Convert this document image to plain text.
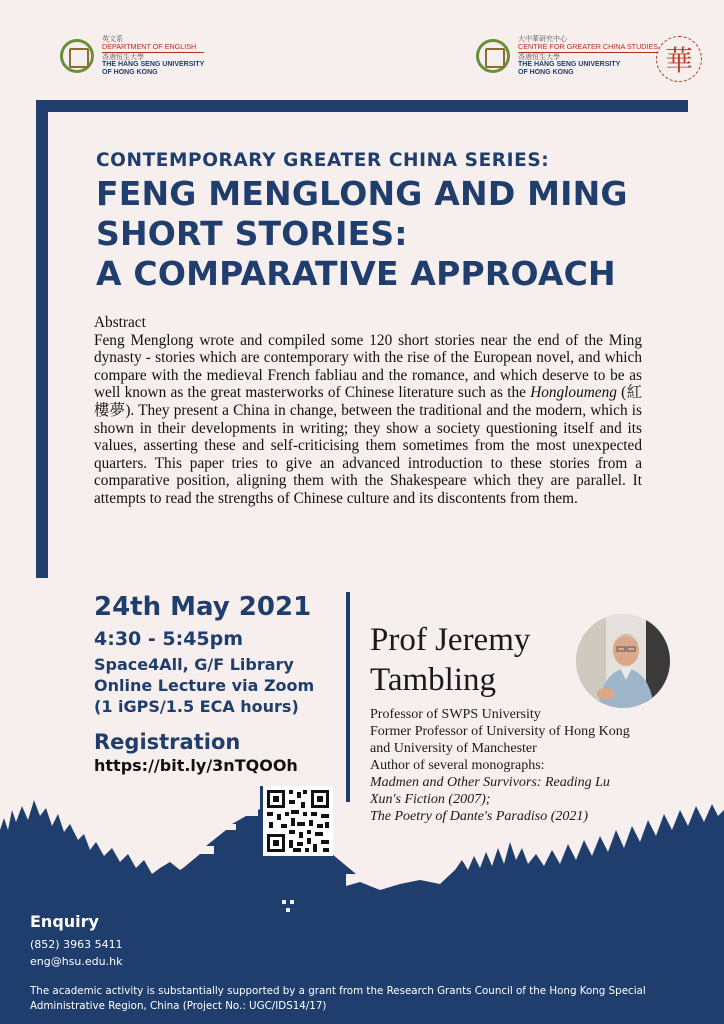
英文系
DEPARTMENT OF ENGLISH
香港恒生大學
THE HANG SENG UNIVERSITY
OF HONG KONG
大中華研究中心
CENTRE FOR GREATER CHINA STUDIES
香港恒生大學
THE HANG SENG UNIVERSITY
OF HONG KONG	華
CONTEMPORARY GREATER CHINA SERIES:
FENG MENGLONG AND MING
SHORT STORIES:
A COMPARATIVE APPROACH
Abstract
Feng Menglong wrote and compiled some 120 short stories near the end of the Ming dynasty - stories which are contemporary with the rise of the European novel, and which compare with the medieval French fabliau and the romance, and which deserve to be as well known as the great masterworks of Chinese literature such as the Hongloumeng (紅樓夢). They present a China in change, between the traditional and the modern, which is shown in their developments in writing; they show a society questioning itself and its values, asserting these and self-criticising them sometimes from the most unexpected quarters. This paper tries to give an advanced introduction to these stories from a comparative position, aligning them with the Shakespeare which they are parallel. It attempts to read the strengths of Chinese culture and its discontents from them.
24th May 2021
4:30 - 5:45pm
Space4All, G/F Library
Online Lecture via Zoom
(1 iGPS/1.5 ECA hours)
Registration
https://bit.ly/3nTQOOh
Prof Jeremy
Tambling
Professor of SWPS University
Former Professor of University of Hong Kong and University of Manchester
Author of several monographs:
Madmen and Other Survivors: Reading Lu Xun's Fiction (2007);
The Poetry of Dante's Paradiso (2021)
Enquiry
(852) 3963 5411
eng@hsu.edu.hk
The academic activity is substantially supported by a grant from the Research Grants Council of the Hong Kong Special Administrative Region, China (Project No.: UGC/IDS14/17)
